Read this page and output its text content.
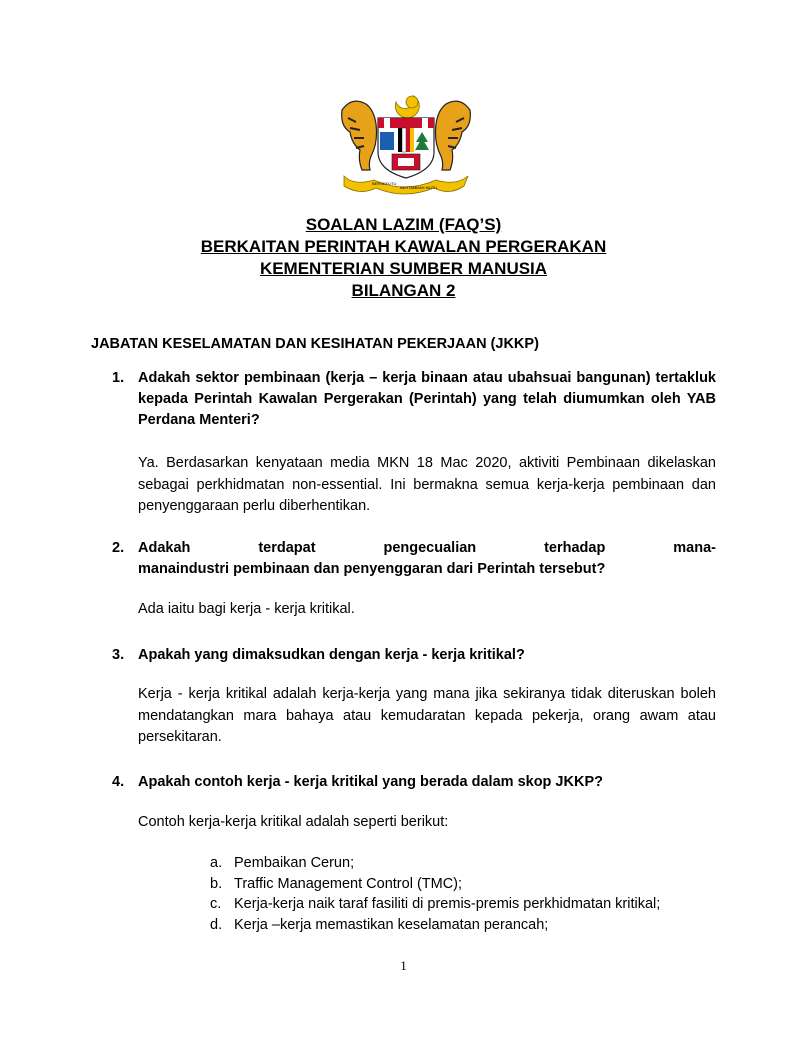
BERSEKUTU
BERTAMBAH MUTU
SOALAN LAZIM (FAQ’S)
BERKAITAN PERINTAH KAWALAN PERGERAKAN
KEMENTERIAN SUMBER MANUSIA
BILANGAN 2
JABATAN KESELAMATAN DAN KESIHATAN PEKERJAAN (JKKP)
1. Adakah sektor pembinaan (kerja – kerja binaan atau ubahsuai bangunan) tertakluk kepada Perintah Kawalan Pergerakan (Perintah) yang telah diumumkan oleh YAB Perdana Menteri?
Ya. Berdasarkan kenyataan media MKN 18 Mac 2020, aktiviti Pembinaan dikelaskan sebagai perkhidmatan non-essential. Ini bermakna semua kerja-kerja pembinaan dan penyenggaraan perlu diberhentikan.
2. Adakah terdapat pengecualian terhadap mana-
manaindustri pembinaan dan penyenggaran dari Perintah tersebut?
Ada iaitu bagi kerja - kerja kritikal.
3. Apakah yang dimaksudkan dengan kerja - kerja kritikal?
Kerja - kerja kritikal adalah kerja-kerja yang mana jika sekiranya tidak diteruskan boleh mendatangkan mara bahaya atau kemudaratan kepada pekerja, orang awam atau persekitaran.
4. Apakah contoh kerja - kerja kritikal yang berada dalam skop JKKP?
Contoh kerja-kerja kritikal adalah seperti berikut:
a. Pembaikan Cerun;
b. Traffic Management Control (TMC);
c. Kerja-kerja naik taraf fasiliti di premis-premis perkhidmatan kritikal;
d. Kerja –kerja memastikan keselamatan perancah;
1
